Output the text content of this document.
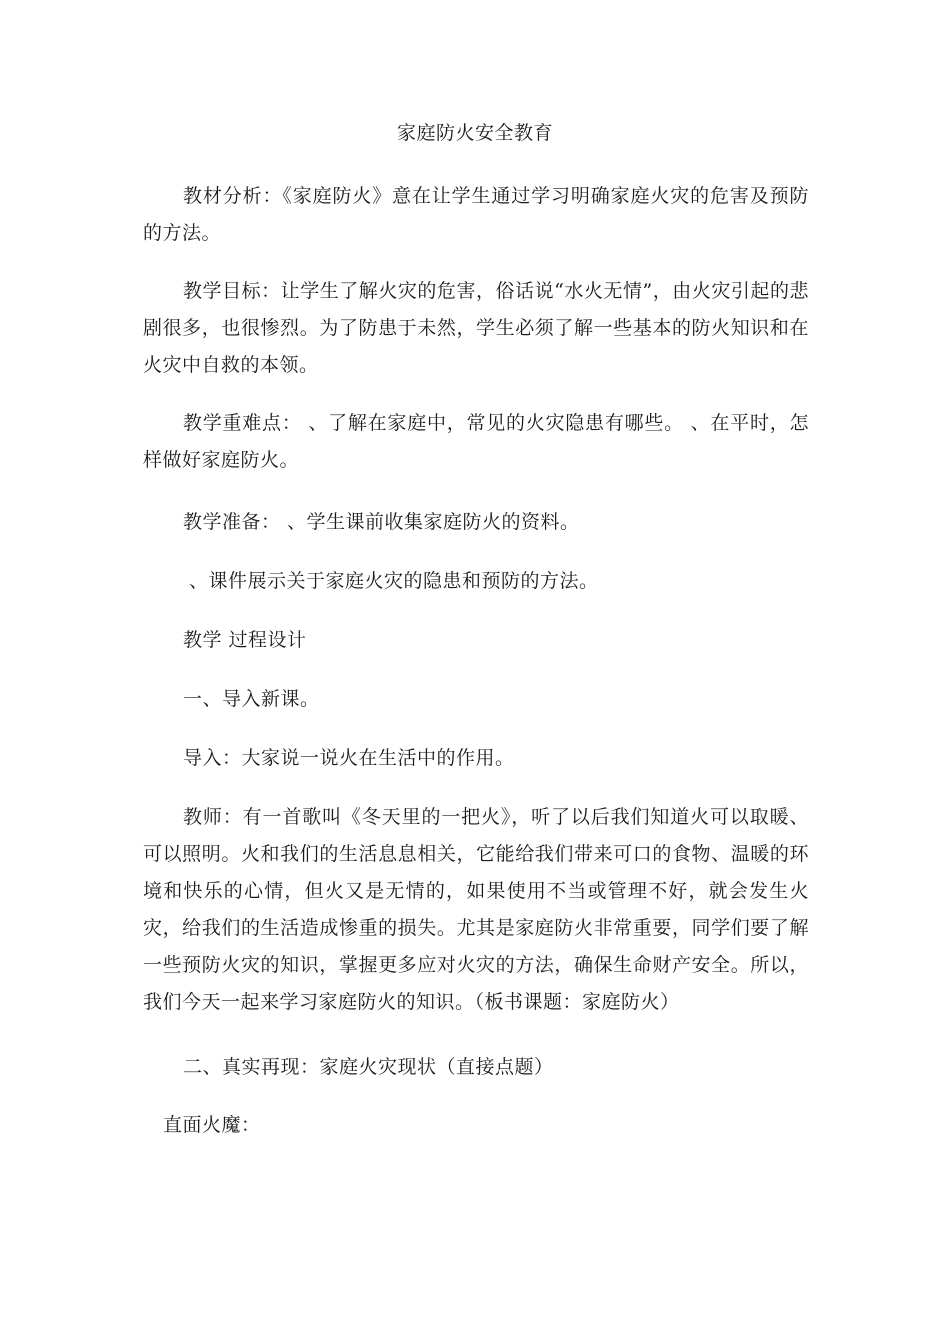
家庭防火安全教育

教材分析：《家庭防火》意在让学生通过学习明确家庭火灾的危害及预防的方法。

教学目标：让学生了解火灾的危害，俗话说“水火无情”，由火灾引起的悲剧很多，也很惨烈。为了防患于未然，学生必须了解一些基本的防火知识和在火灾中自救的本领。

教学重难点： 、了解在家庭中，常见的火灾隐患有哪些。 、在平时，怎样做好家庭防火。

教学准备： 、学生课前收集家庭防火的资料。

、课件展示关于家庭火灾的隐患和预防的方法。

教学 过程设计

一、导入新课。

导入：大家说一说火在生活中的作用。

教师：有一首歌叫《冬天里的一把火》，听了以后我们知道火可以取暖、可以照明。火和我们的生活息息相关，它能给我们带来可口的食物、温暖的环境和快乐的心情，但火又是无情的，如果使用不当或管理不好，就会发生火灾，给我们的生活造成惨重的损失。尤其是家庭防火非常重要，同学们要了解一些预防火灾的知识，掌握更多应对火灾的方法，确保生命财产安全。所以，我们今天一起来学习家庭防火的知识。（板书课题：家庭防火）

二、真实再现：家庭火灾现状（直接点题）

直面火魔：
